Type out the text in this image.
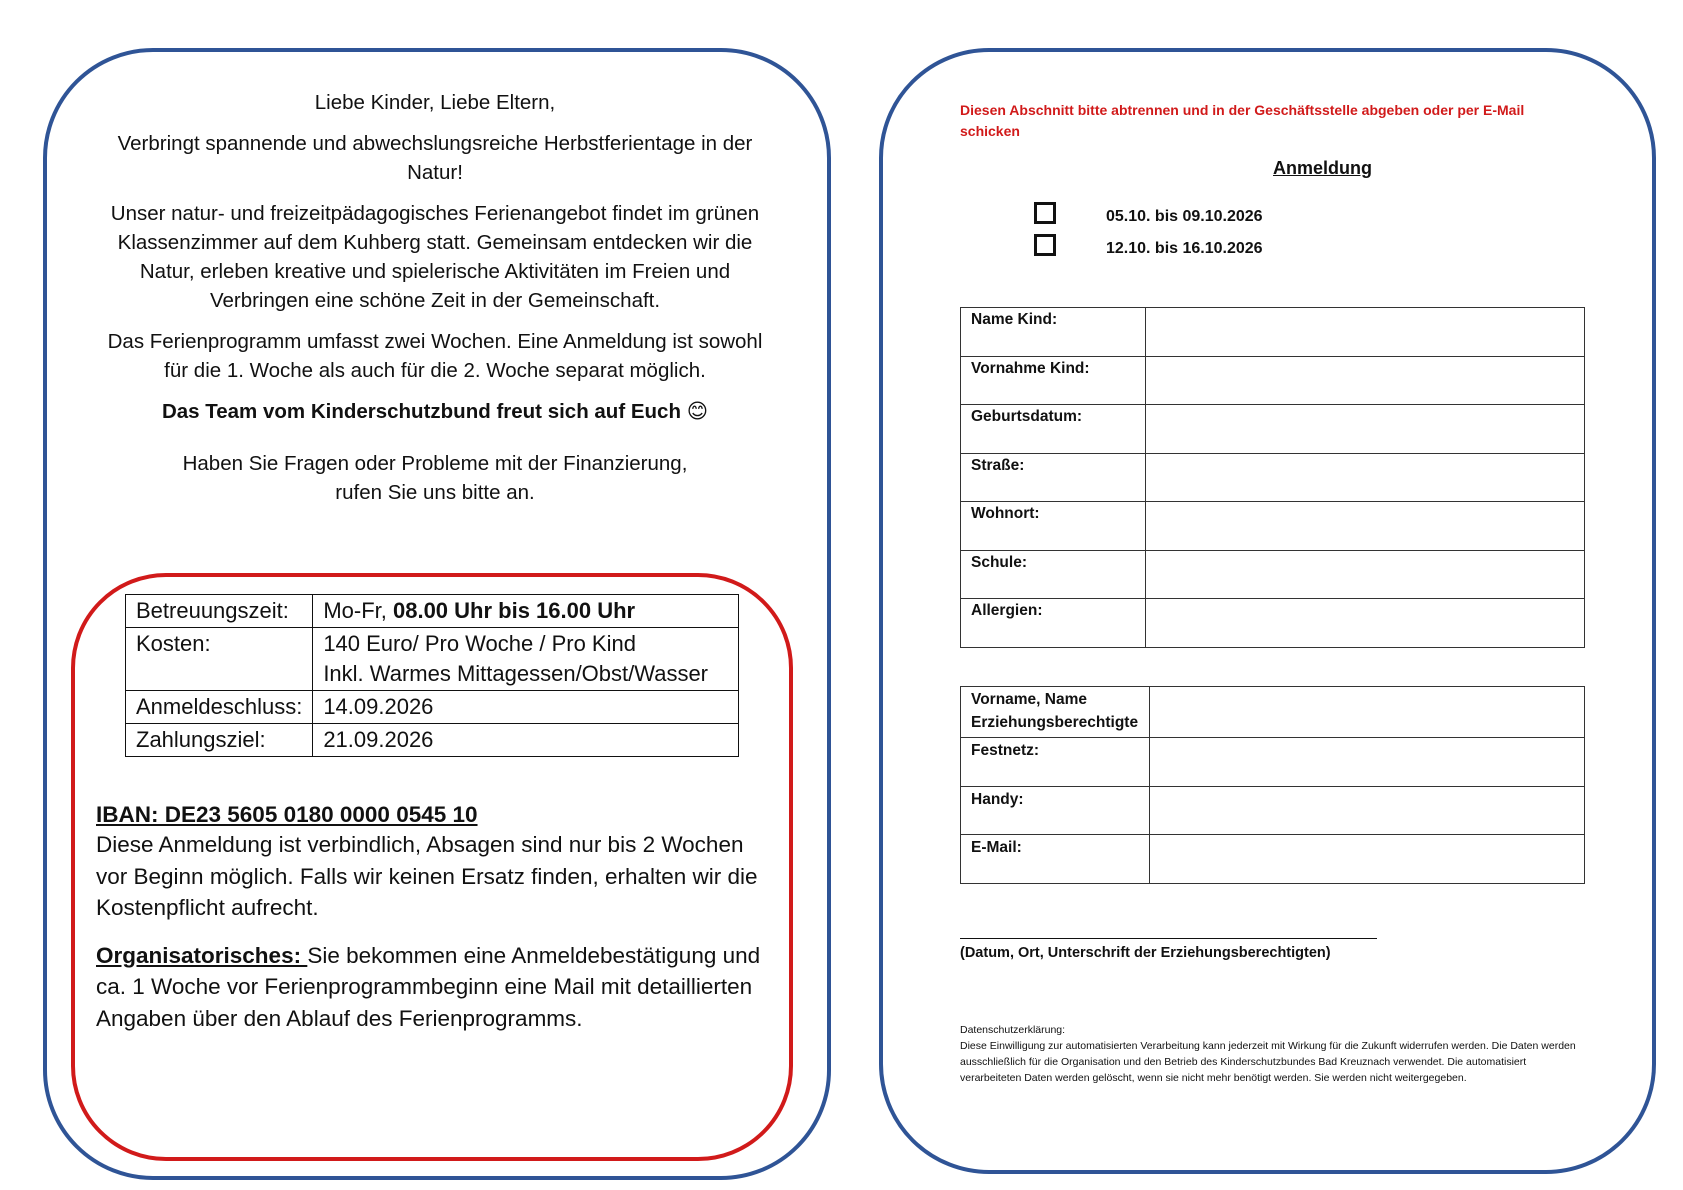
Liebe Kinder, Liebe Eltern,

Verbringt spannende und abwechslungsreiche Herbstferientage in der Natur!

Unser natur- und freizeitpädagogisches Ferienangebot findet im grünen Klassenzimmer auf dem Kuhberg statt. Gemeinsam entdecken wir die Natur, erleben kreative und spielerische Aktivitäten im Freien und Verbringen eine schöne Zeit in der Gemeinschaft.

Das Ferienprogramm umfasst zwei Wochen. Eine Anmeldung ist sowohl für die 1. Woche als auch für die 2. Woche separat möglich.

Das Team vom Kinderschutzbund freut sich auf Euch 😊

Haben Sie Fragen oder Probleme mit der Finanzierung,

rufen Sie uns bitte an.

Betreuungszeit:	Mo-Fr, 08.00 Uhr bis 16.00 Uhr
Kosten:	140 Euro/ Pro Woche / Pro Kind
Inkl. Warmes Mittagessen/Obst/Wasser

Anmeldeschluss:	14.09.2026
Zahlungsziel:	21.09.2026

IBAN: DE23 5605 0180 0000 0545 10

Diese Anmeldung ist verbindlich, Absagen sind nur bis 2 Wochen vor Beginn möglich. Falls wir keinen Ersatz finden, erhalten wir die Kostenpflicht aufrecht.

Organisatorisches: Sie bekommen eine Anmeldebestätigung und ca. 1 Woche vor Ferienprogrammbeginn eine Mail mit detaillierten Angaben über den Ablauf des Ferienprogramms.

Diesen Abschnitt bitte abtrennen und in der Geschäftsstelle abgeben oder per E-Mail schicken
Anmeldung
05.10. bis 09.10.2026
12.10. bis 16.10.2026
Name Kind:	
Vornahme Kind:	
Geburtsdatum:	
Straße:	
Wohnort:	
Schule:	
Allergien:	
Vorname, Name Erziehungsberechtigte	
Festnetz:	
Handy:	
E-Mail:	
(Datum, Ort, Unterschrift der Erziehungsberechtigten)

Datenschutzerklärung:

Diese Einwilligung zur automatisierten Verarbeitung kann jederzeit mit Wirkung für die Zukunft widerrufen werden. Die Daten werden ausschließlich für die Organisation und den Betrieb des Kinderschutzbundes Bad Kreuznach verwendet. Die automatisiert verarbeiteten Daten werden gelöscht, wenn sie nicht mehr benötigt werden. Sie werden nicht weitergegeben.
